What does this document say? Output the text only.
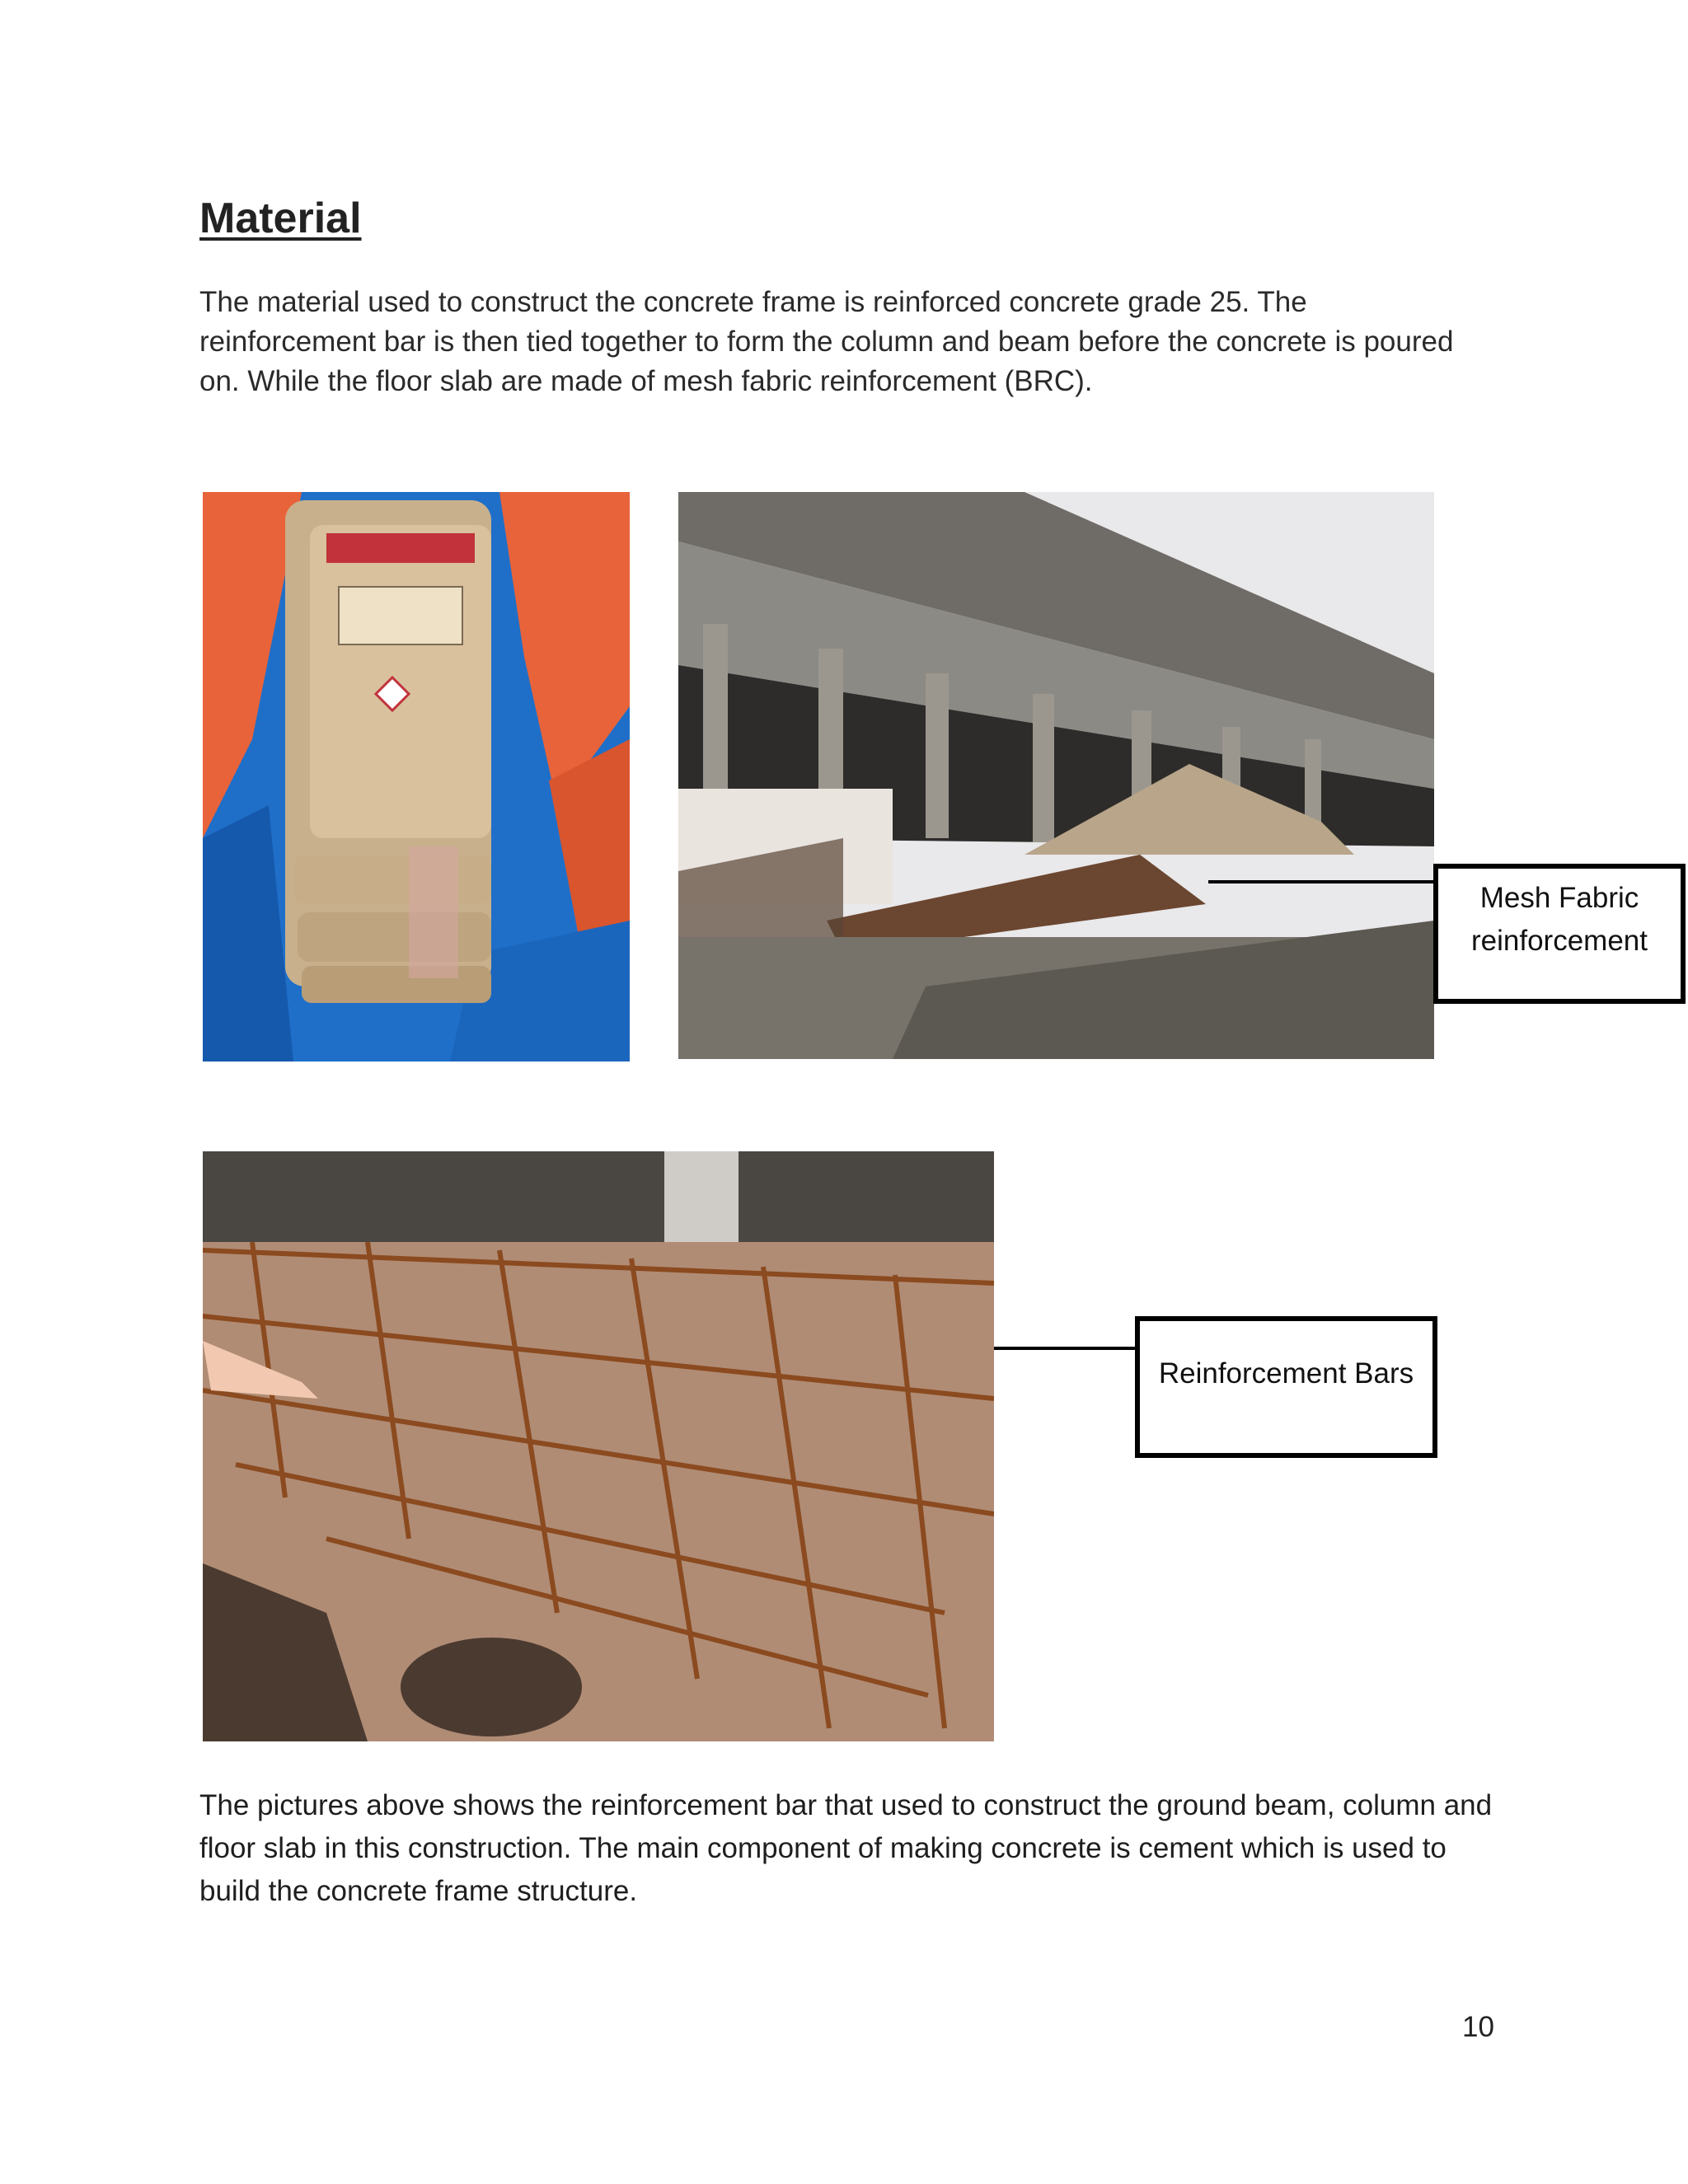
Material

The material used to construct the concrete frame is reinforced concrete grade 25. The reinforcement bar is then tied together to form the column and beam before the concrete is poured on. While the floor slab are made of mesh fabric reinforcement (BRC).

Mesh Fabric
reinforcement
Reinforcement Bars

The pictures above shows the reinforcement bar that used to construct the ground beam, column and floor slab in this construction. The main component of making concrete is cement which is used to build the concrete frame structure.

10
